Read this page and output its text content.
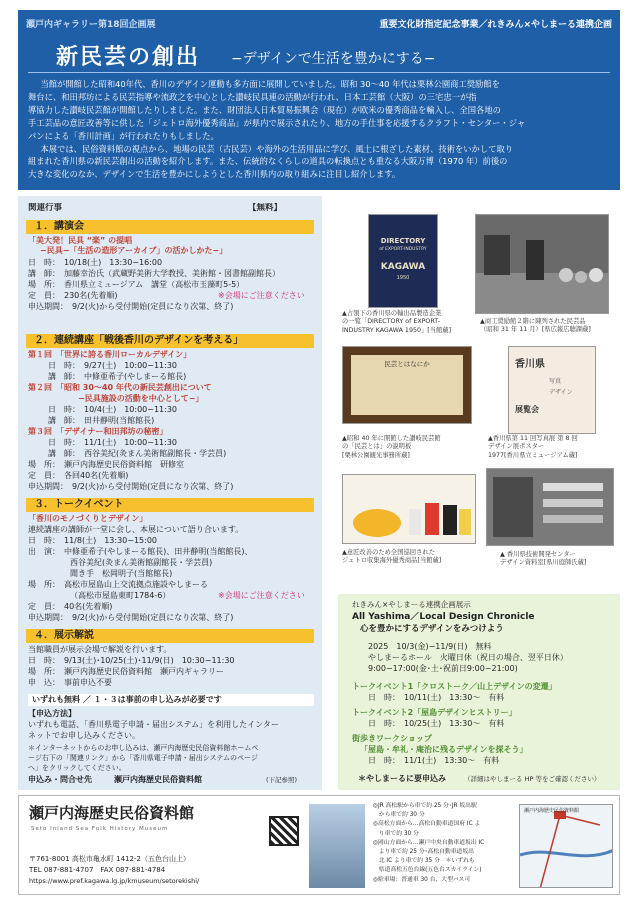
瀬戸内ギャラリー第18回企画展	重要文化財指定記念事業／れきみん×やしまーる連携企画
新民芸の創出 −デザインで生活を豊かにする−
当館が開館した昭和40年代、香川のデザイン運動も多方面に展開していました。昭和 30〜40 年代は栗林公園商工奨励館を
舞台に、和田邦坊による民芸指導や流政之を中心とした讃岐民具連の活動が行われ、日本工芸館（大阪）の三宅忠一が指
導協力した讃岐民芸館が開館したりしました。また、財団法人日本貿易振興会（現在）が欧米の優秀商品を輸入し、全国各地の
手工芸品の意匠改善等に供した「ジェトロ海外優秀商品」が県内で展示されたり、地方の手仕事を応援するクラフト・センター・ジャ
パンによる「香川計画」が行われたりもしました。
本展では、民俗資料館の視点から、地場の民芸（古民芸）や海外の生活用品に学び、風土に根ざした素材、技術をいかして取り
組まれた香川県の新民芸創出の活動を紹介します。また、伝統的なくらしの道具の転換点とも重なる大阪万博（1970 年）前後の
大きな変化のなか、デザインで生活を豊かにしようとした香川県内の取り組みに注目し紹介します。
関連行事	【無料】
１．講演会
「美大発！民具 “楽” の提唱
−民具−「生活の造形アーカイブ」の活かしかた−」
日　時：　10/18(土)　13:30−16:00
講　師：　加藤幸治氏（武蔵野美術大学教授、美術館・図書館副館長）
場　所：　香川県立ミュージアム　講堂（高松市玉藻町5-5）
定　員：　230名(先着順)	※会場にご注意ください
申込期間：　9/2(火)から受付開始(定員になり次第、終了)
２．連続講座「戦後香川のデザインを考える」
第１回　「世界に誇る香川ローカルデザイン」
日　時：　9/27(土)　10:00−11:30
講　師：　中條亜希子(やしまーる館長)
第２回　「昭和 30〜40 年代の新民芸創出について
−民具施設の活動を中心として−」
日　時：　10/4(土)　10:00−11:30
講　師：　田井静明(当館館長)
第３回　「デザイナー和田邦坊の秘密」
日　時：　11/1(土)　10:00−11:30
講　師：　西谷美紀(灸まん美術館副館長・学芸員)
場　所：　瀬戸内海歴史民俗資料館　研修室
定　員：　各回40名(先着順)
申込期間：　9/2(火)から受付開始(定員になり次第、終了)
３．トークイベント
「香川のモノづくりとデザイン」
連続講座の講師が一堂に会し、本展について語り合います。
日　時：　11/8(土)　13:30−15:00
出　演：　中條亜希子(やしまーる館長)、田井静明(当館館長)、
西谷美紀(灸まん美術館副館長・学芸員)
聞き手　松岡明子(当館館長)
場　所：　高松市屋島山上交流拠点施設やしまーる
（高松市屋島東町1784-6）	※会場にご注意ください
定　員：　40名(先着順)
申込期間：　9/2(火)から受付開始(定員になり次第、終了)
４．展示解説
当館職員が展示会場で解説を行います。
日　時：　9/13(土)･10/25(土)･11/9(日)　10:30−11:30
場　所：　瀬戸内海歴史民俗資料館　瀬戸内ギャラリー
申　込：　事前申込不要
いずれも無料 ／ １・３は事前の申し込みが必要です
【申込方法】
いずれも電話、「香川県電子申請・届出システム」を利用したインター
ネットでお申し込みください。
＊インターネットからのお申し込みは、瀬戸内海歴史民俗資料館ホームペ
ージ右下の「関連リンク」から「香川県電子申請・届出システムのページ
へ」をクリックしてください。
申込み・問合せ先	瀬戸内海歴史民俗資料館	(下記参照)
DIRECTORY
of EXPORT-INDUSTRY
KAGAWA
1950
▲占領下の香川県の輸出品製造企業
の一覧「DIRECTORY of EXPORT-
INDUSTRY KAGAWA 1950」[当館蔵]
▲商工奨励館２階に陳列された民芸品
（昭和 31 年 11 月）[県広報広聴課蔵]
民芸とはなにか
▲昭和 40 年に開館した讃岐民芸館
の「民芸とは」の説明板
[栗林公園観光事務所蔵]
香川県
写真
デザイン
展覧会
▲香川県第 11 回写真展 第 8 回
デザイン展ポスター
1977[香川県立ミュージアム蔵]
▲意匠改善のため全国巡回された
ジェトロ収集海外優秀商品[当館蔵]
▲ 香川県技術開発センター
デザイン資料室[県川庭師氏蔵]
れきみん×やしまーる連携企画展示
All Yashima／Local Design Chronicle
心を豊かにするデザインをみつけよう
2025　10/3(金)−11/9(日)　無料
やしまーるホール　火曜日休（祝日の場合、翌平日休）
9:00−17:00(金･土･祝前日9:00−21:00)
トークイベント1「クロストーク／山上デザインの変遷」
日　時：　10/11(土)　13:30〜　有料
トークイベント2「屋島デザインヒストリー」
日　時：　10/25(土)　13:30〜　有料
街歩きワークショップ
「屋島・牟礼・庵治に残るデザインを探そう」
日　時：　11/1(土)　13:30〜　有料
＊やしまーるに要申込み	（詳細はやしまーる HP 等をご確認ください）
瀬戸内海歴史民俗資料館
Seto Inland Sea Folk History Museum
〒761-8001 高松市亀水町 1412-2（五色台山上）
TEL 087-881-4707　FAX 087-881-4784
https://www.pref.kagawa.lg.jp/kmuseum/setorekishi/
◎JR 高松駅から車で約 25 分･JR 坂出駅
　から車で約 30 分
◎高松方面から…高松自動車道国府 IC よ
　り車で約 30 分
◎岡山方面から…瀬戸中央自動車道坂出 IC
　より車で約 25 分･高松自動車道坂出
　北 IC より車で約 35 分　＊いずれも
　県道高松五色台線(五色台スカイライン)
◎駐車場：普通車 30 台、大型バス可
瀬戸内海歴史民俗資料館
